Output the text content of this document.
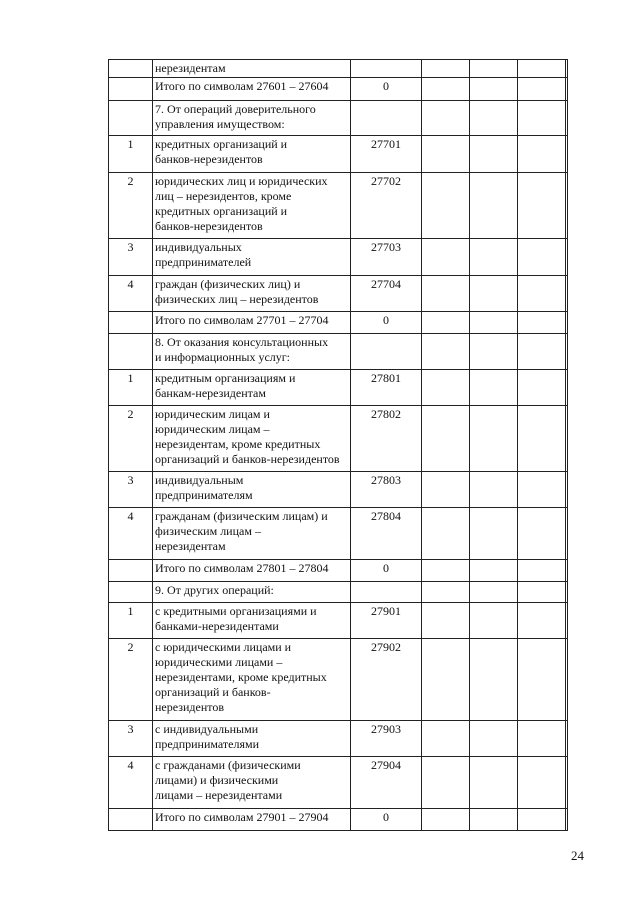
	нерезидентам					
	Итого по символам 27601 – 27604	0				
	7. От операций доверительного
управления имуществом:					
1	кредитных организаций и
банков-нерезидентов	27701				
2	юридических лиц и юридических
лиц – нерезидентов, кроме
кредитных организаций и
банков-нерезидентов	27702				
3	индивидуальных
предпринимателей	27703				
4	граждан (физических лиц) и
физических лиц – нерезидентов	27704				
	Итого по символам 27701 – 27704	0				
	8. От оказания консультационных
и информационных услуг:					
1	кредитным организациям и
банкам-нерезидентам	27801				
2	юридическим лицам и
юридическим лицам –
нерезидентам, кроме кредитных
организаций и банков-нерезидентов	27802				
3	индивидуальным
предпринимателям	27803				
4	гражданам (физическим лицам) и
физическим лицам –
нерезидентам	27804				
	Итого по символам 27801 – 27804	0				
	9. От других операций:					
1	с кредитными организациями и
банками-нерезидентами	27901				
2	с юридическими лицами и
юридическими лицами –
нерезидентами, кроме кредитных
организаций и банков-
нерезидентов	27902				
3	с индивидуальными
предпринимателями	27903				
4	с гражданами (физическими
лицами) и физическими
лицами – нерезидентами	27904				
	Итого по символам 27901 – 27904	0				
24
